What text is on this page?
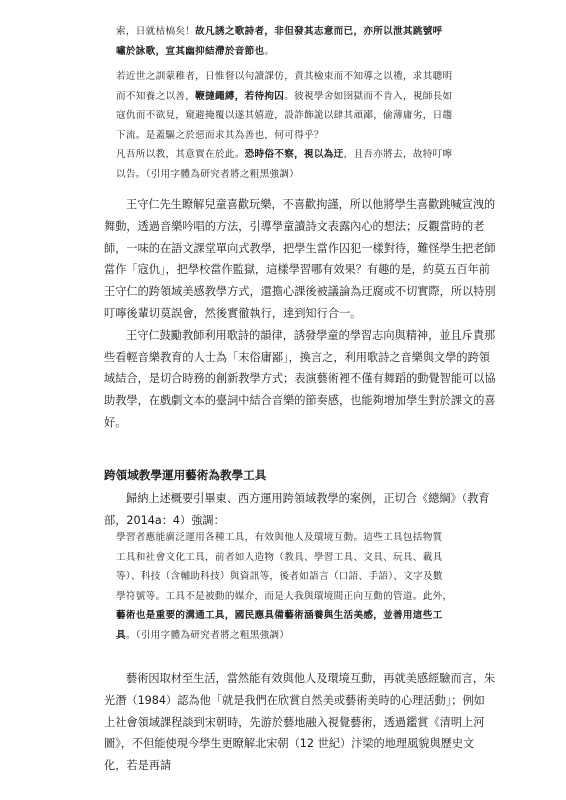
索，日就枯槁矣！故凡誘之歌詩者，非但發其志意而已，亦所以泄其跳號呼

嘯於詠歌，宣其幽抑結滯於音節也。

若近世之訓蒙稚者，日惟督以句讀課仿，責其檢束而不知導之以禮，求其聰明

而不知養之以善，鞭撻繩縛，若待拘囚。彼視學舍如囹獄而不肯入，視師長如

寇仇而不欲見，窺避掩覆以遂其嬉遊，設詐飾詭以肆其頑鄙，偷薄庸劣，日趨

下流。是蓋驅之於惡而求其為善也，何可得乎？

凡吾所以教，其意實在於此。恐時俗不察，視以為迂，且吾亦將去，故特叮嚀

以告。（引用字體為研究者將之粗黑強調）

王守仁先生瞭解兒童喜歡玩樂，不喜歡拘謹，所以他將學生喜歡跳喊宣洩的舞動，透過音樂吟唱的方法，引導學童讀詩文表露內心的想法；反觀當時的老師，一味的在語文課堂單向式教學，把學生當作囚犯一樣對待，難怪學生把老師當作「寇仇」，把學校當作監獄，這樣學習哪有效果？有趣的是，約莫五百年前王守仁的跨領域美感教學方式，還擔心課後被議論為迂腐或不切實際，所以特別叮嚀後輩切莫誤會，然後實徹執行，達到知行合一。

王守仁鼓勵教師利用歌詩的韻律，誘發學童的學習志向與精神，並且斥責那些看輕音樂教育的人士為「末俗庸鄙」，換言之，利用歌詩之音樂與文學的跨領域結合，是切合時務的創新教學方式；表演藝術裡不僅有舞蹈的動覺智能可以協助教學，在戲劇文本的臺詞中結合音樂的節奏感，也能夠增加學生對於課文的喜好。

跨領域教學運用藝術為教學工具

歸納上述概要引畢東、西方運用跨領域教學的案例，正切合《總綱》（教育部，2014a：4）強調：

學習者應能廣泛運用各種工具，有效與他人及環境互動。這些工具包括物質

工具和社會文化工具，前者如人造物（教具、學習工具、文具、玩具、載具

等）、科技（含輔助科技）與資訊等，後者如語言（口語、手語）、文字及數

學符號等。工具不是被動的媒介，而是人我與環境間正向互動的管道。此外，

藝術也是重要的溝通工具，國民應具備藝術涵養與生活美感，並善用這些工

具。（引用字體為研究者將之粗黑強調）

藝術因取材至生活，當然能有效與他人及環境互動，再就美感經驗而言，朱光潛（1984）認為他「就是我們在欣賞自然美或藝術美時的心理活動」；例如上社會領域課程談到宋朝時，先游於藝地融入視覺藝術，透過鑑賞《清明上河圖》，不但能使現今學生更瞭解北宋朝（12 世紀）汴梁的地理風貌與歷史文化，若是再請
